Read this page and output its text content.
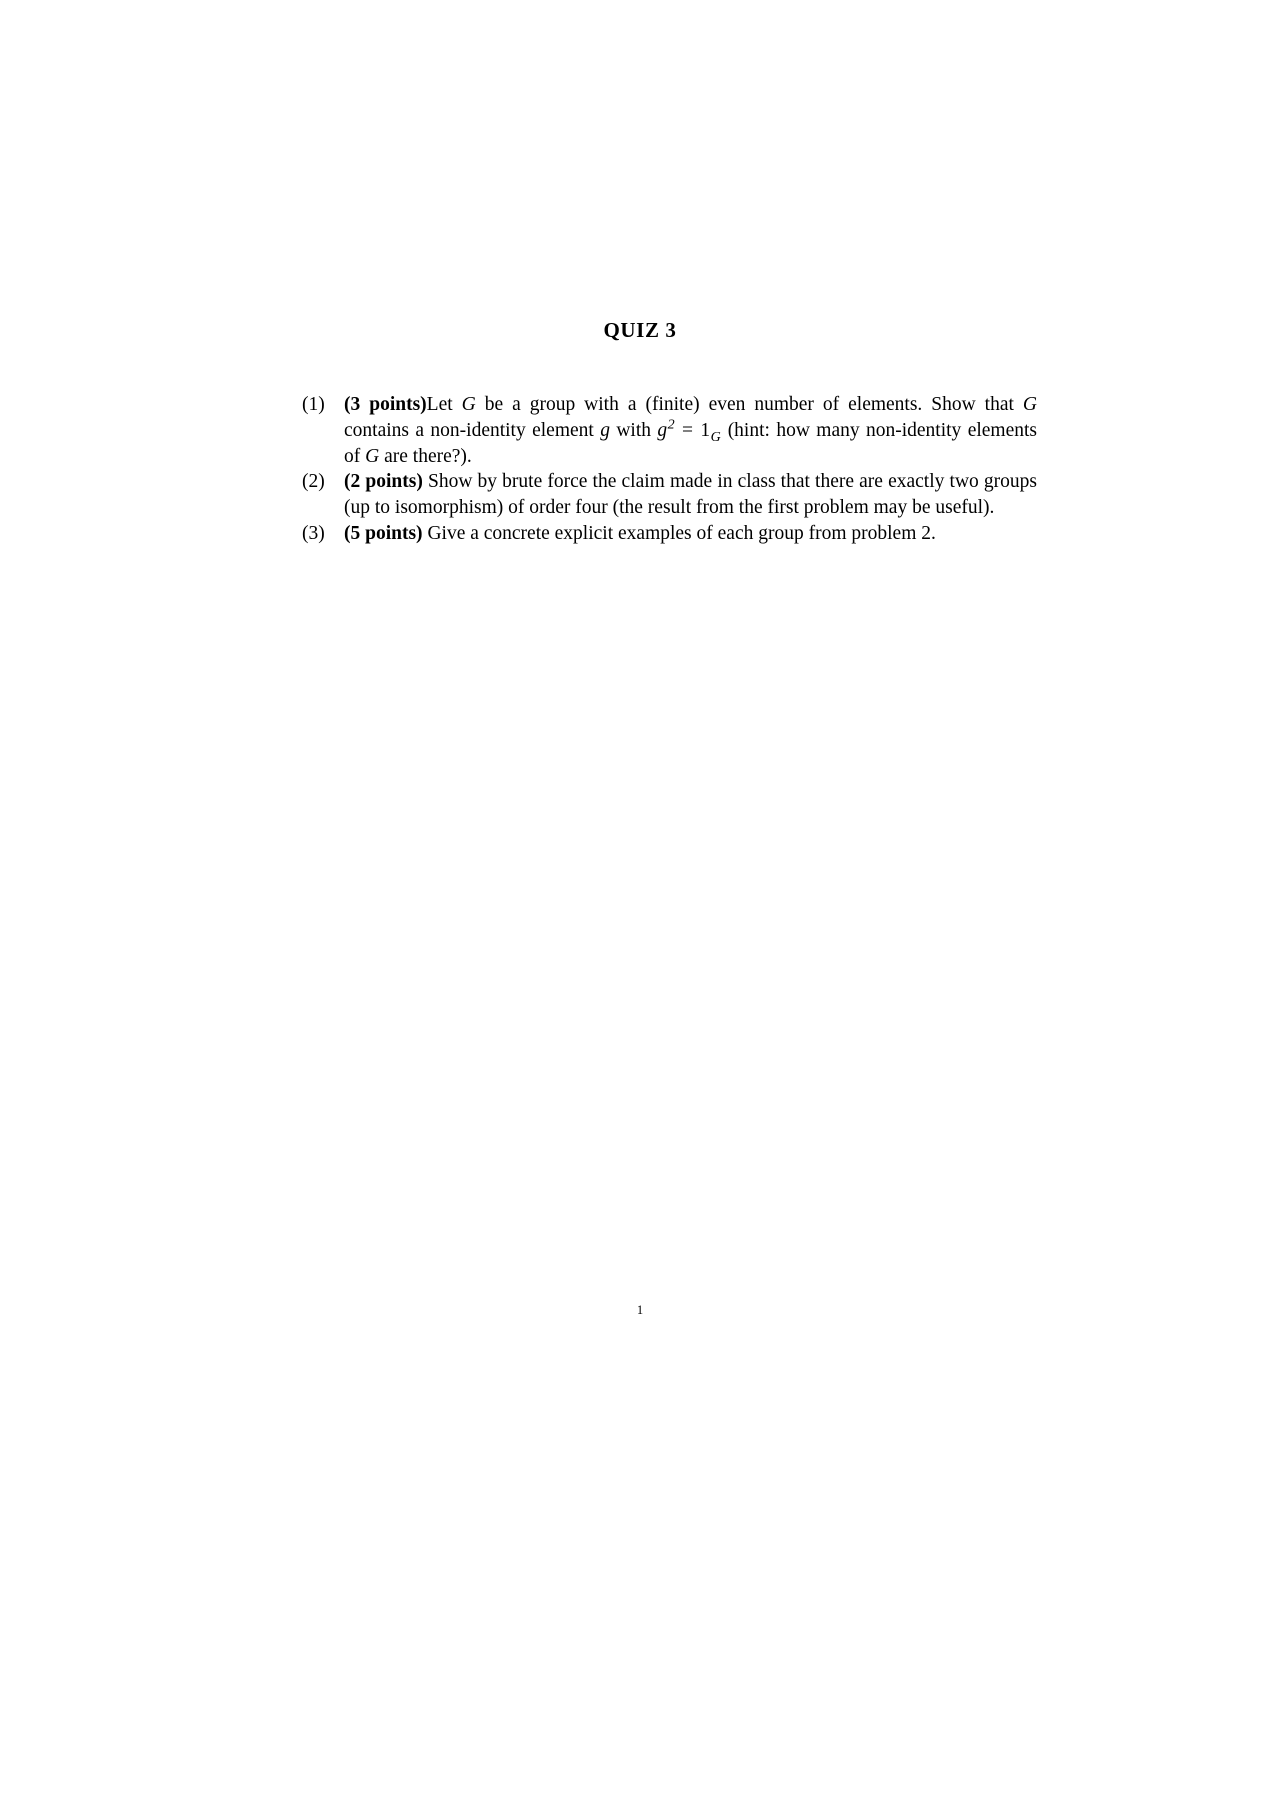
QUIZ 3
(1) (3 points)Let G be a group with a (finite) even number of elements. Show that G contains a non-identity element g with $g^2 = 1_G$ (hint: how many non-identity elements of G are there?).
(2) (2 points) Show by brute force the claim made in class that there are exactly two groups (up to isomorphism) of order four (the result from the first problem may be useful).
(3) (5 points) Give a concrete explicit examples of each group from problem 2.
1
